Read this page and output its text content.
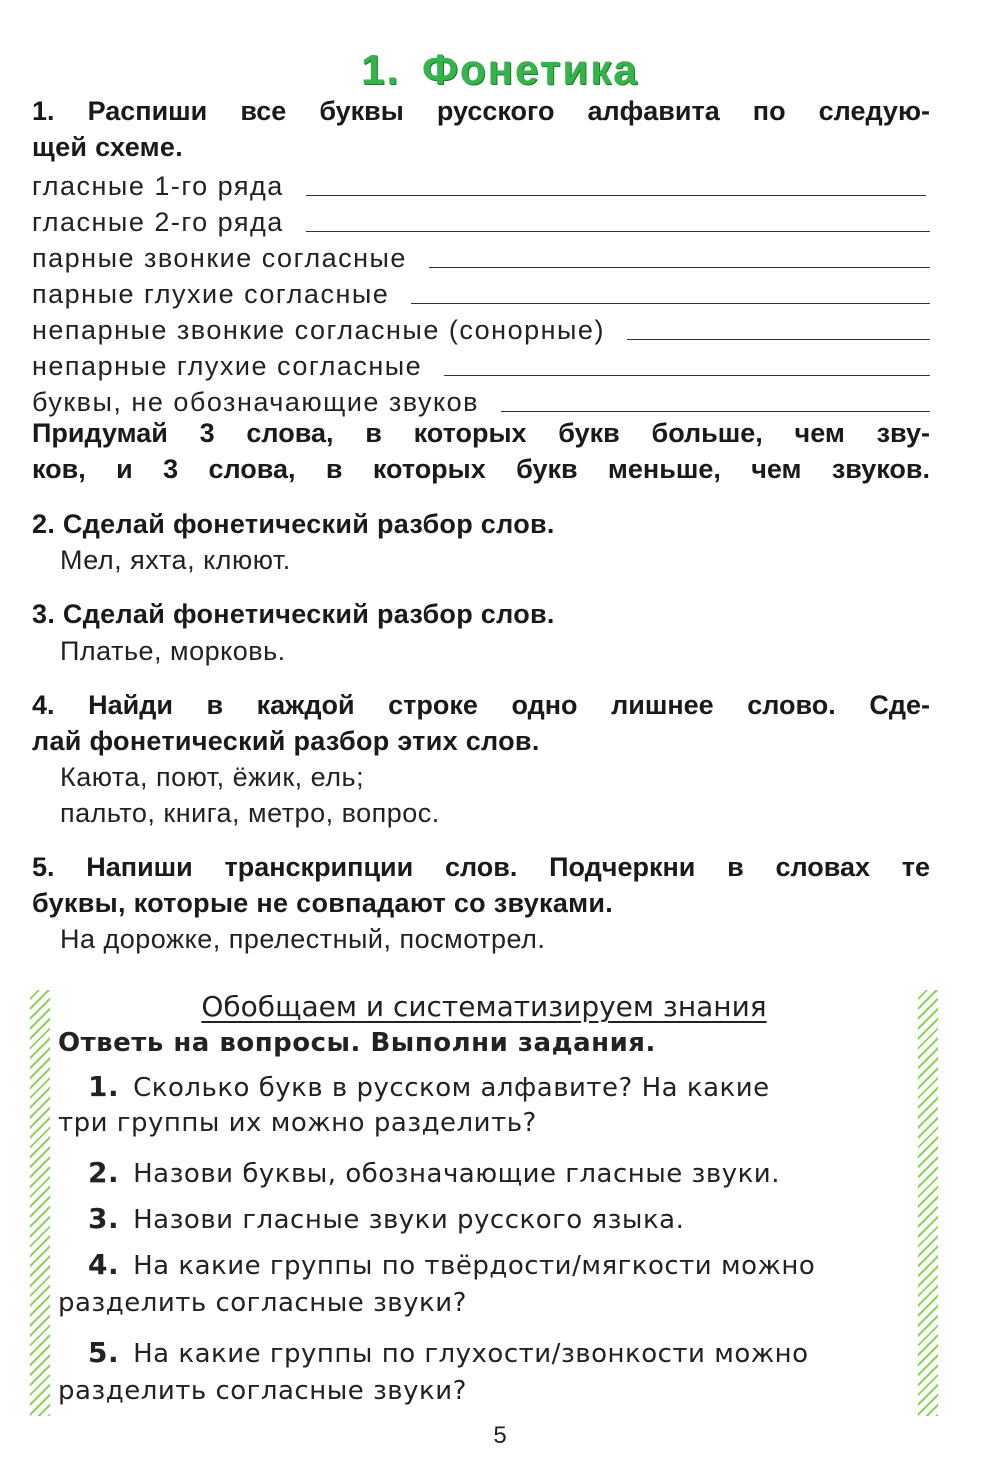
1. Фонетика
1. Распиши все буквы русского алфавита по следую-
щей схеме.
гласные 1-го ряда
гласные 2-го ряда
парные звонкие согласные
парные глухие согласные
непарные звонкие согласные (сонорные)
непарные глухие согласные
буквы, не обозначающие звуков
Придумай 3 слова, в которых букв больше, чем зву-
ков, и 3 слова, в которых букв меньше, чем звуков.
2. Сделай фонетический разбор слов.
Мел, яхта, клюют.
3. Сделай фонетический разбор слов.
Платье, морковь.
4. Найди в каждой строке одно лишнее слово. Сде-
лай фонетический разбор этих слов.
Каюта, поют, ёжик, ель;
пальто, книга, метро, вопрос.
5. Напиши транскрипции слов. Подчеркни в словах те
буквы, которые не совпадают со звуками.
На дорожке, прелестный, посмотрел.
Обобщаем и систематизируем знания
Ответь на вопросы. Выполни задания.
1. Сколько букв в русском алфавите? На какие
три группы их можно разделить?
2. Назови буквы, обозначающие гласные звуки.
3. Назови гласные звуки русского языка.
4. На какие группы по твёрдости/мягкости можно
разделить согласные звуки?
5. На какие группы по глухости/звонкости можно
разделить согласные звуки?
5
